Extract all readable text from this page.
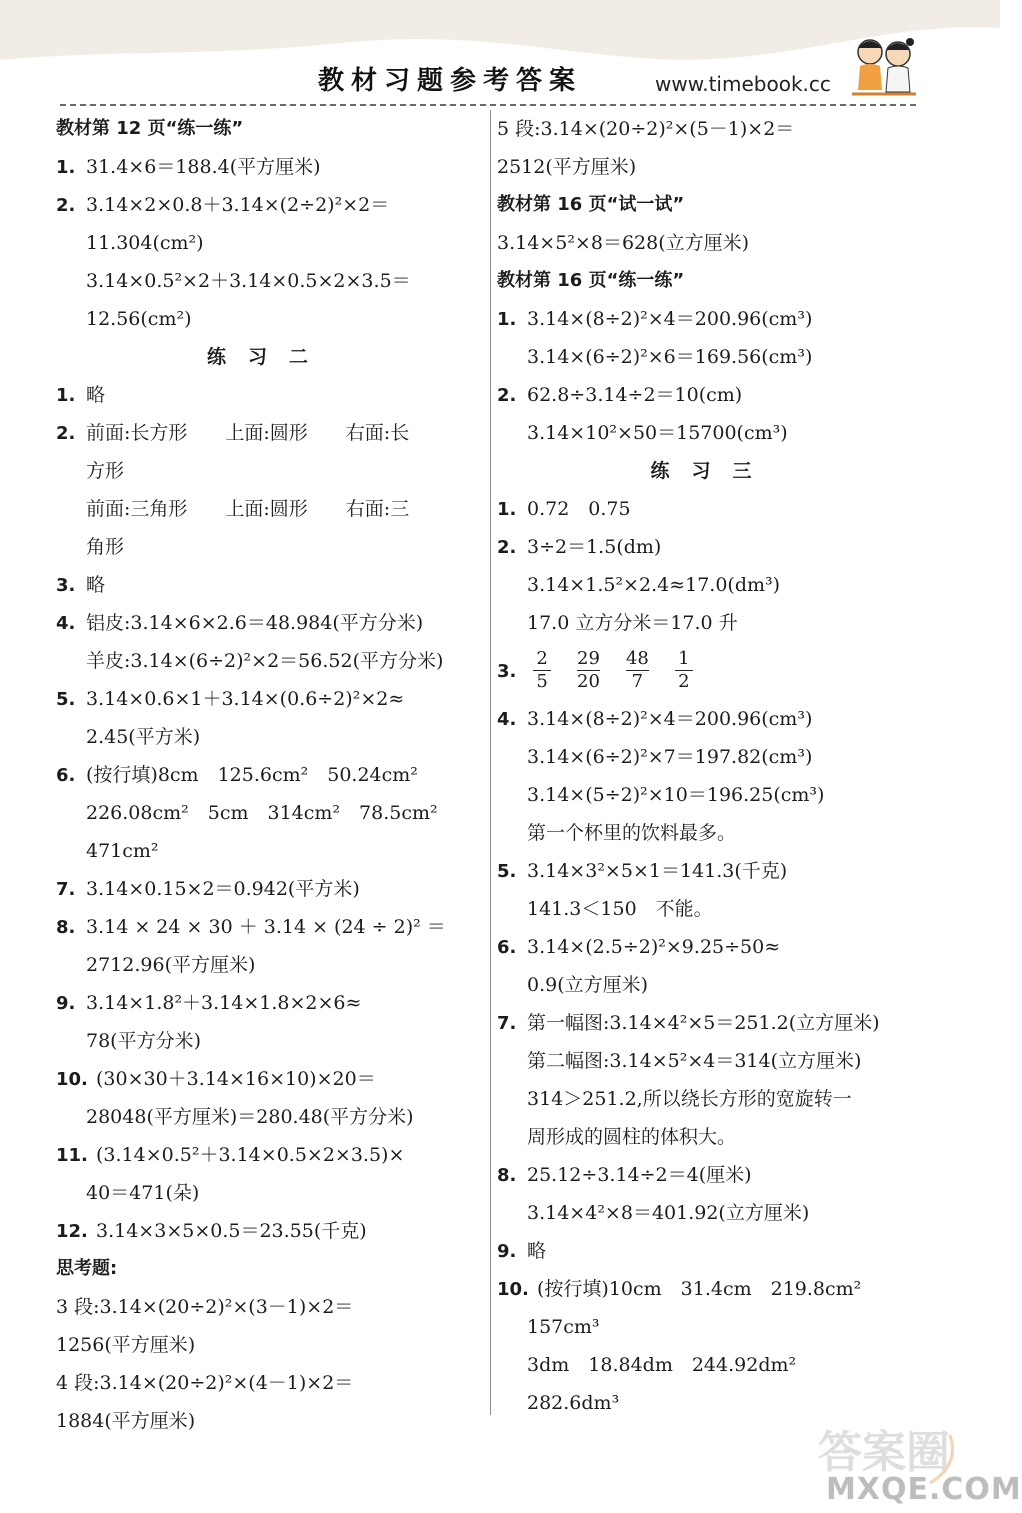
教材习题参考答案	www.timebook.cc
教材第 12 页“练一练”
1. 31.4×6＝188.4(平方厘米)
2. 3.14×2×0.8＋3.14×(2÷2)²×2＝
11.304(cm²)
3.14×0.5²×2＋3.14×0.5×2×3.5＝
12.56(cm²)
练习二
1. 略
2. 前面:长方形　　上面:圆形　　右面:长
方形
前面:三角形　　上面:圆形　　右面:三
角形
3. 略
4. 铝皮:3.14×6×2.6＝48.984(平方分米)
羊皮:3.14×(6÷2)²×2＝56.52(平方分米)
5. 3.14×0.6×1＋3.14×(0.6÷2)²×2≈
2.45(平方米)
6. (按行填)8cm　125.6cm²　50.24cm²
226.08cm²　5cm　314cm²　78.5cm²
471cm²
7. 3.14×0.15×2＝0.942(平方米)
8. 3.14 × 24 × 30 ＋ 3.14 × (24 ÷ 2)² ＝
2712.96(平方厘米)
9. 3.14×1.8²＋3.14×1.8×2×6≈
78(平方分米)
10. (30×30＋3.14×16×10)×20＝
28048(平方厘米)＝280.48(平方分米)
11. (3.14×0.5²＋3.14×0.5×2×3.5)×
40＝471(朵)
12. 3.14×3×5×0.5＝23.55(千克)
思考题:
3 段:3.14×(20÷2)²×(3－1)×2＝
1256(平方厘米)
4 段:3.14×(20÷2)²×(4－1)×2＝
1884(平方厘米)
5 段:3.14×(20÷2)²×(5－1)×2＝
2512(平方厘米)
教材第 16 页“试一试”
3.14×5²×8＝628(立方厘米)
教材第 16 页“练一练”
1. 3.14×(8÷2)²×4＝200.96(cm³)
3.14×(6÷2)²×6＝169.56(cm³)
2. 62.8÷3.14÷2＝10(cm)
3.14×10²×50＝15700(cm³)
练习三
1. 0.72　0.75
2. 3÷2＝1.5(dm)
3.14×1.5²×2.4≈17.0(dm³)
17.0 立方分米＝17.0 升
3. $\frac{2}{5} \frac{29}{20} \frac{48}{7} \frac{1}{2}$
4. 3.14×(8÷2)²×4＝200.96(cm³)
3.14×(6÷2)²×7＝197.82(cm³)
3.14×(5÷2)²×10＝196.25(cm³)
第一个杯里的饮料最多。
5. 3.14×3²×5×1＝141.3(千克)
141.3＜150　不能。
6. 3.14×(2.5÷2)²×9.25÷50≈
0.9(立方厘米)
7. 第一幅图:3.14×4²×5＝251.2(立方厘米)
第二幅图:3.14×5²×4＝314(立方厘米)
314＞251.2,所以绕长方形的宽旋转一
周形成的圆柱的体积大。
8. 25.12÷3.14÷2＝4(厘米)
3.14×4²×8＝401.92(立方厘米)
9. 略
10. (按行填)10cm　31.4cm　219.8cm²
157cm³
3dm　18.84dm　244.92dm²
282.6dm³
答案圈
MXQE.COM
